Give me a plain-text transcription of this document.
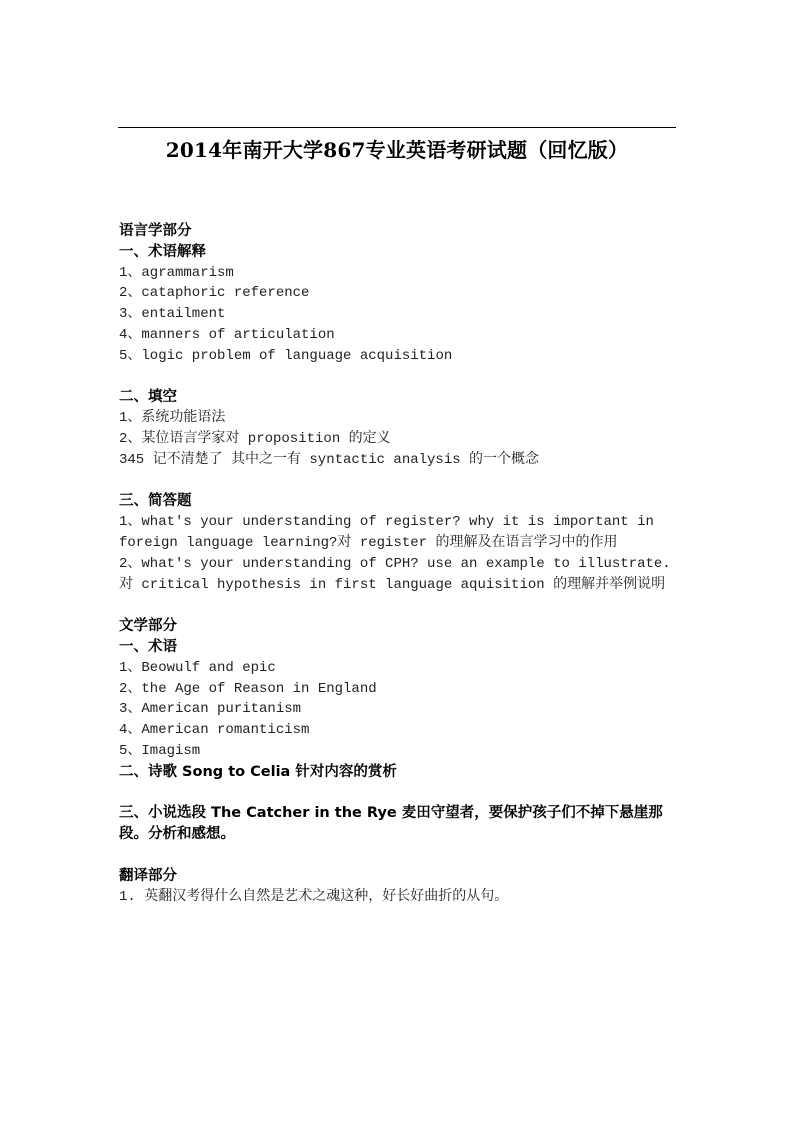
2014年南开大学867专业英语考研试题（回忆版）
语言学部分
一、术语解释
1、agrammarism
2、cataphoric reference
3、entailment
4、manners of articulation
5、logic problem of language acquisition
二、填空
1、系统功能语法
2、某位语言学家对 proposition 的定义
345 记不清楚了 其中之一有 syntactic analysis 的一个概念
三、简答题
1、what's your understanding of register? why it is important in foreign language learning?对 register 的理解及在语言学习中的作用
2、what's your understanding of CPH? use an example to illustrate.对 critical hypothesis in first language aquisition 的理解并举例说明
文学部分
一、术语
1、Beowulf and epic
2、the Age of Reason in England
3、American puritanism
4、American romanticism
5、Imagism
二、诗歌 Song to Celia 针对内容的赏析
三、小说选段 The Catcher in the Rye 麦田守望者，要保护孩子们不掉下悬崖那段。分析和感想。
翻译部分
1. 英翻汉考得什么自然是艺术之魂这种，好长好曲折的从句。
